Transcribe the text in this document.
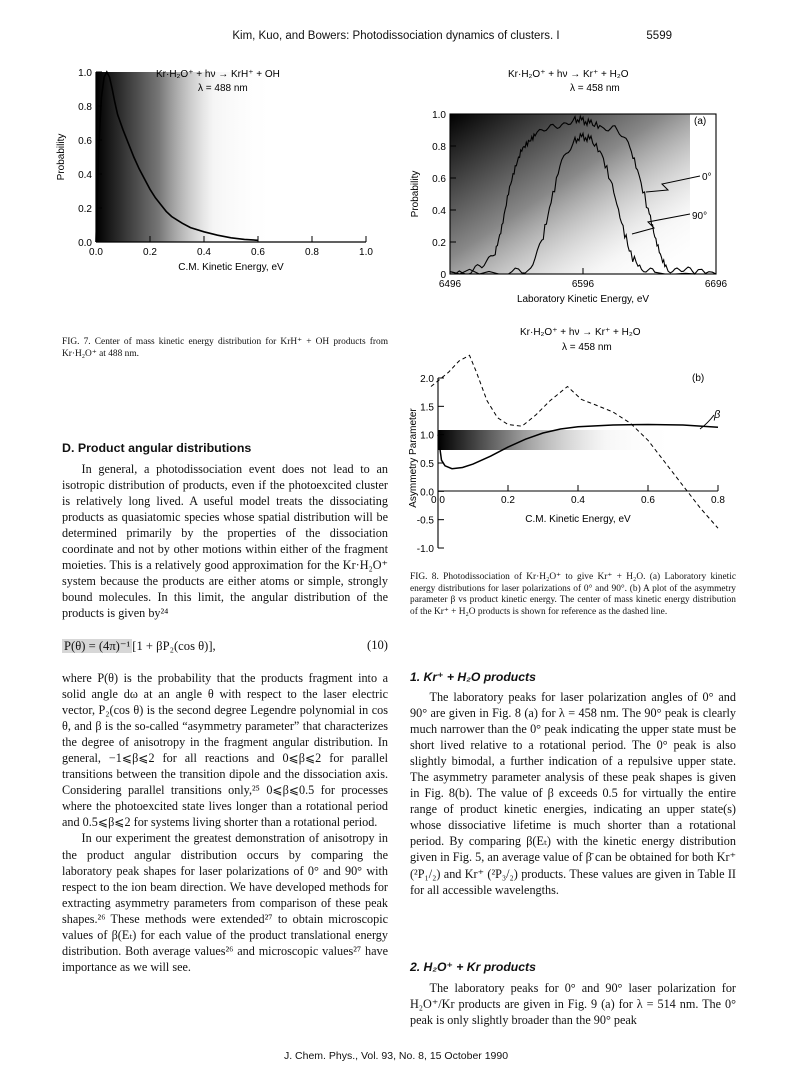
Kim, Kuo, and Bowers: Photodissociation dynamics of clusters. I	5599
0.0	0.2	0.4	0.6	0.8	1.0
0.0
0.2
0.4
0.6
0.8
1.0	Kr·H₂O⁺ + hν → KrH⁺ + OH
λ = 488 nm
C.M. Kinetic Energy, eV
Probability
FIG. 7. Center of mass kinetic energy distribution for KrH⁺ + OH products from Kr·H₂O⁺ at 488 nm.
6496	6596	6696
0
0.2
0.4
0.6
0.8
1.0
0°
90°
(a)
Kr·H₂O⁺ + hν → Kr⁺ + H₂O
λ = 458 nm
Laboratory Kinetic Energy, eV
Probability
0.0	0.2	0.4	0.6	0.8
-1.0
-0.5
0.0
0.5
1.0
1.5
2.0
β
(b)
Kr·H₂O⁺ + hν → Kr⁺ + H₂O
λ = 458 nm
C.M. Kinetic Energy, eV
Asymmetry Parameter
FIG. 8. Photodissociation of Kr·H₂O⁺ to give Kr⁺ + H₂O. (a) Laboratory kinetic energy distributions for laser polarizations of 0° and 90°. (b) A plot of the asymmetry parameter β vs product kinetic energy. The center of mass kinetic energy distribution of the Kr⁺ + H₂O products is shown for reference as the dashed line.
D. Product angular distributions

In general, a photodissociation event does not lead to an isotropic distribution of products, even if the photoexcited cluster is relatively long lived. A useful model treats the dissociating products as quasiatomic species whose spatial distribution will be determined primarily by the properties of the dissociation coordinate and not by other motions within either of the fragment moieties. This is a relatively good approximation for the Kr·H₂O⁺ system because the products are either atoms or simple, strongly bound molecules. In this limit, the angular distribution of the products is given by²⁴

P(θ) = (4π)⁻¹ [1 + βP₂(cos θ)],	(10)

where P(θ) is the probability that the products fragment into a solid angle dω at an angle θ with respect to the laser electric vector, P₂(cos θ) is the second degree Legendre polynomial in cos θ, and β is the so-called “asymmetry parameter” that characterizes the degree of anisotropy in the fragment angular distribution. In general, −1⩽β⩽2 for all reactions and 0⩽β⩽2 for parallel transitions between the transition dipole and the dissociation axis. Considering parallel transitions only,²⁵ 0⩽β⩽0.5 for processes where the photoexcited state lives longer than a rotational period and 0.5⩽β⩽2 for systems living shorter than a rotational period.

In our experiment the greatest demonstration of anisotropy in the product angular distribution occurs by comparing the laboratory peak shapes for laser polarizations of 0° and 90° with respect to the ion beam direction. We have developed methods for extracting asymmetry parameters from comparison of these peak shapes.²⁶ These methods were extended²⁷ to obtain microscopic values of β(Eₜ) for each value of the product translational energy distribution. Both average values²⁶ and microscopic values²⁷ have importance as we will see.

1. Kr⁺ + H₂O products

The laboratory peaks for laser polarization angles of 0° and 90° are given in Fig. 8 (a) for λ = 458 nm. The 90° peak is clearly much narrower than the 0° peak indicating the upper state must be short lived relative to a rotational period. The 0° peak is also slightly bimodal, a further indication of a repulsive upper state. The asymmetry parameter analysis of these peak shapes is given in Fig. 8(b). The value of β exceeds 0.5 for virtually the entire range of product kinetic energies, indicating an upper state(s) whose dissociative lifetime is much shorter than a rotational period. By comparing β(Eₜ) with the kinetic energy distribution given in Fig. 5, an average value of β̄ can be obtained for both Kr⁺ (²P₁/₂) and Kr⁺ (²P₃/₂) products. These values are given in Table II for all accessible wavelengths.

2. H₂O⁺ + Kr products

The laboratory peaks for 0° and 90° laser polarization for H₂O⁺/Kr products are given in Fig. 9 (a) for λ = 514 nm. The 0° peak is only slightly broader than the 90° peak

J. Chem. Phys., Vol. 93, No. 8, 15 October 1990
